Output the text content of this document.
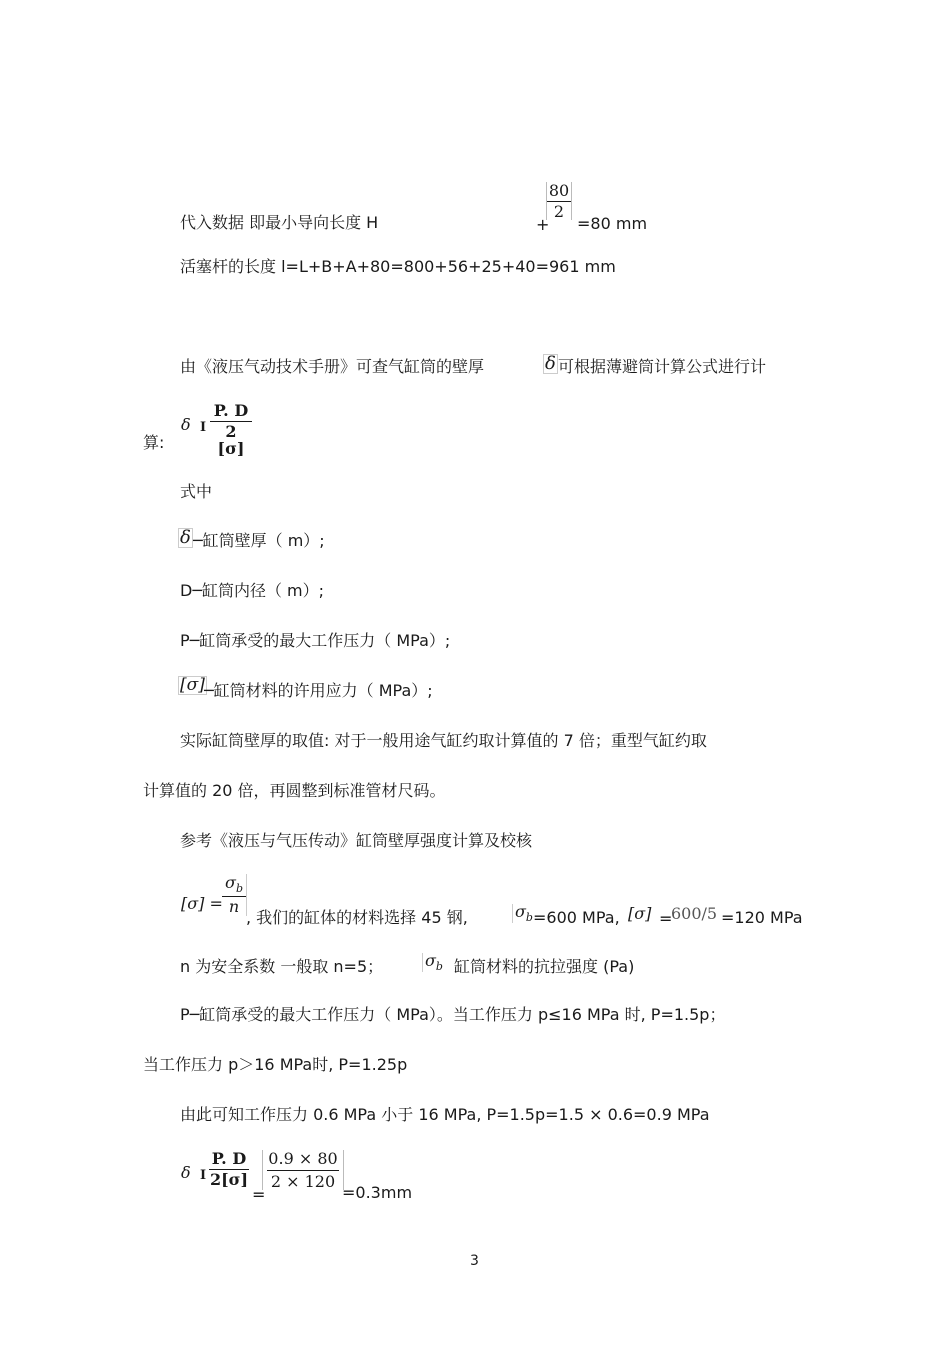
代入数据 即最小导向长度 H	+
80
2
=80 mm
活塞杆的长度 l=L+B+A+80=800+56+25+40=961 mm
由《液压气动技术手册》可查气缸筒的壁厚	δ 可根据薄避筒计算公式进行计
算:
δ I
P. D
2 [σ]
式中
δ ─缸筒壁厚（ m）;
D─缸筒内径（ m）;
P─缸筒承受的最大工作压力（ MPa）;
[σ] ─缸筒材料的许用应力（ MPa）;
实际缸筒壁厚的取值: 对于一般用途气缸约取计算值的 7 倍；重型气缸约取
计算值的 20 倍，再圆整到标准管材尺码。
参考《液压与气压传动》缸筒壁厚强度计算及校核
[σ] =
$\sigma_b$
n
, 我们的缸体的材料选择 45 钢,	$\sigma_b =600$ MPa, [σ] =
600/5 =120 MPa
n 为安全系数 一般取 n=5；	$\sigma_b$ 缸筒材料的抗拉强度 (Pa)
P─缸筒承受的最大工作压力（ MPa）。当工作压力 p≤16 MPa 时, P=1.5p；
当工作压力 p＞16 MPa时, P=1.25p
由此可知工作压力 0.6 MPa 小于 16 MPa, P=1.5p=1.5 × 0.6=0.9 MPa
δ I
P. D
2[σ]
=
0.9 × 80
2 × 120
=0.3mm
3
